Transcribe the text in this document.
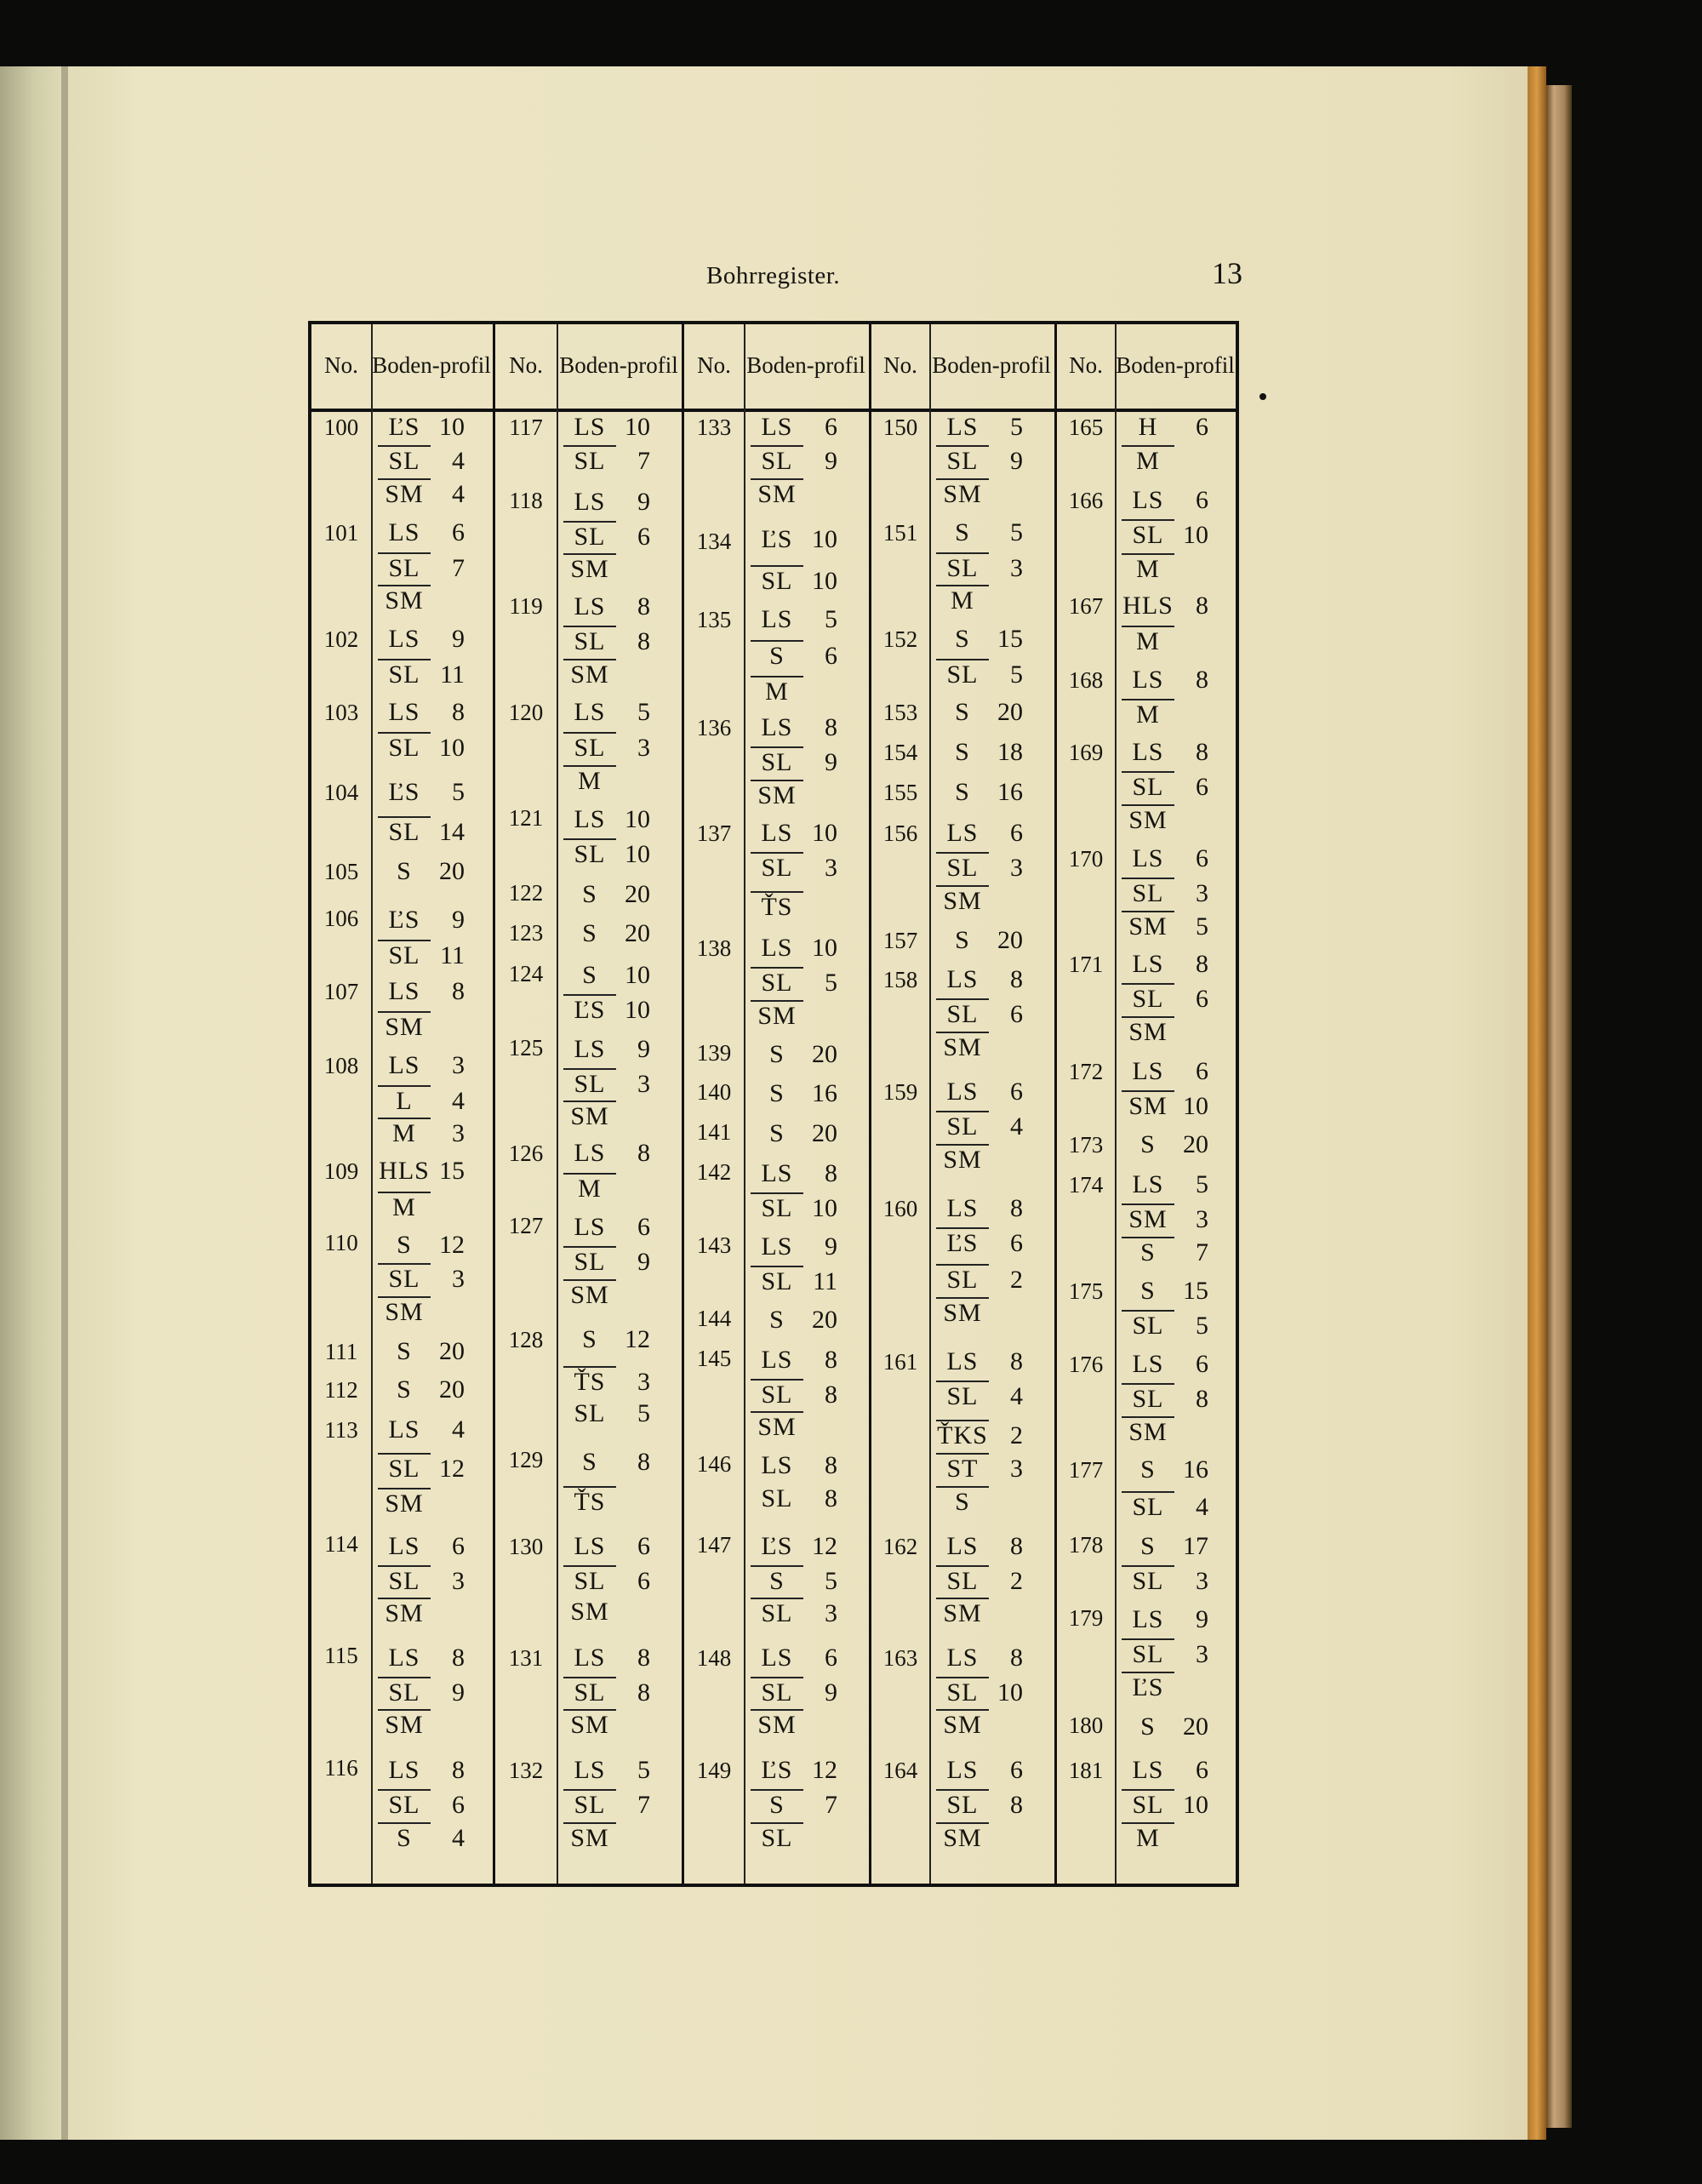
Bohrregister.	13
No. Boden- profil No. Boden- profil No. Boden- profil No. Boden- profil No. Boden- profil
100	ĽS 10
SL 4
SM 4
101	LS 6
SL 7
SM
102	LS 9
SL 11
103	LS 8
SL 10
104	ĽS 5
SL 14
105	S 20
106	ĽS 9
SL 11
107	LS 8
SM
108	LS 3
L 4
M 3
109 HLS 15
M
110	S 12
SL 3
SM
111	S 20
112	S 20
113	LS 4
SL 12
SM
114	LS 6
SL 3
SM
115	LS 8
SL 9
SM
116	LS 8
SL 6
S 4
117	LS 10
SL 7
118	LS 9
SL 6
SM
119	LS 8
SL 8
SM
120	LS 5
SL 3
M
121	LS 10
SL 10
122	S 20
123	S 20
124	S 10
ĽS 10
125	LS 9
SL 3
SM
126	LS 8
M
127	LS 6
SL 9
SM
128	S 12
ŤS 3
SL 5
129	S 8
ŤS
130	LS 6
SL 6
SM
131	LS 8
SL 8
SM
132	LS 5
SL 7
SM
133	LS 6
SL 9
SM
134	ĽS 10
SL 10
135	LS 5
S 6
M
136	LS 8
SL 9
SM
137	LS 10
SL 3
ŤS
138	LS 10
SL 5
SM
139	S 20
140	S 16
141	S 20
142	LS 8
SL 10
143	LS 9
SL 11
144	S 20
145	LS 8
SL 8
SM
146	LS 8
SL 8
147	ĽS 12
S 5
SL 3
148	LS 6
SL 9
SM
149	ĽS 12
S 7
SL
150	LS 5
SL 9
SM
151	S 5
SL 3
M
152	S 15
SL 5
153	S 20
154	S 18
155	S 16
156	LS 6
SL 3
SM
157	S 20
158	LS 8
SL 6
SM
159	LS 6
SL 4
SM
160	LS 8
ĽS 6
SL 2
SM
161	LS 8
SL 4
ŤKS 2
ST 3
S
162	LS 8
SL 2
SM
163	LS 8
SL 10
SM
164	LS 6
SL 8
SM
165	H 6
M
166	LS 6
SL 10
M
167 HLS 8
M
168	LS 8
M
169	LS 8
SL 6
SM
170	LS 6
SL 3
SM 5
171	LS 8
SL 6
SM
172	LS 6
SM 10
173	S 20
174	LS 5
SM 3
S 7
175	S 15
SL 5
176	LS 6
SL 8
SM
177	S 16
SL 4
178	S 17
SL 3
179	LS 9
SL 3
ĽS
180	S 20
181	LS 6
SL 10
M
